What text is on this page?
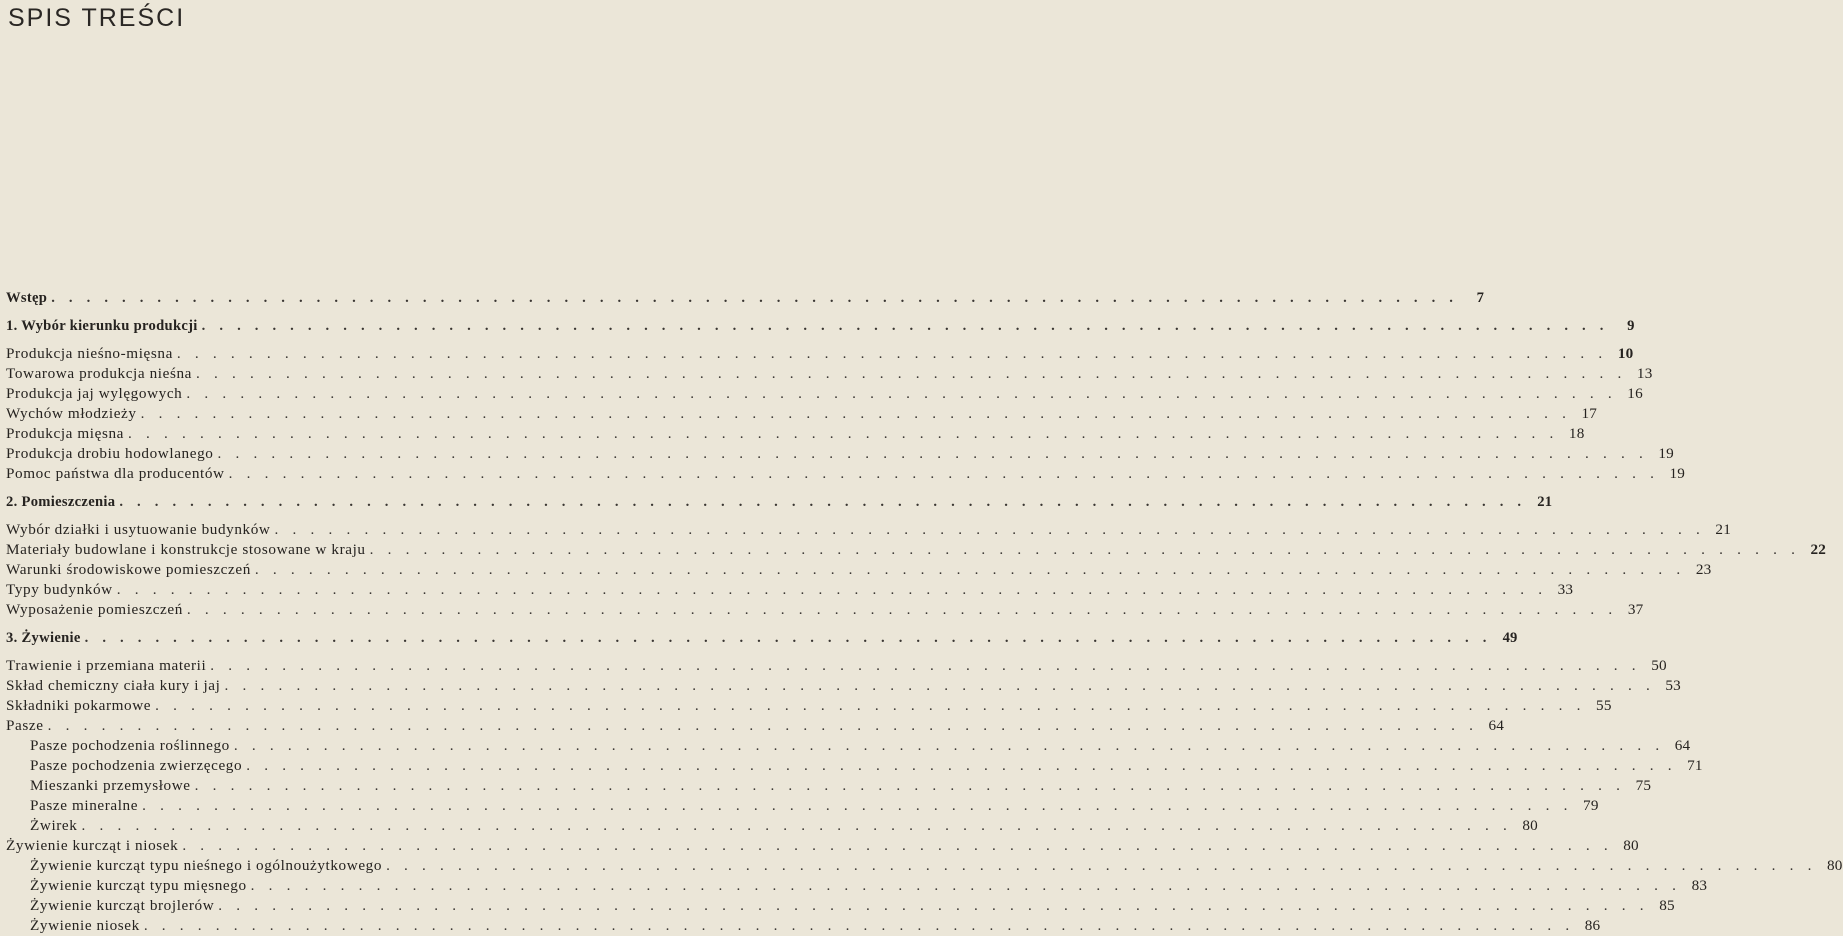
SPIS TREŚCI
Wstęp . . . . . . . . . . . . . . . . . . . . . . . . . . . . . . . . . . . . . . . . . . . . . . . . . . . . . . . . . . . . . . . . . . . . . . . . . . . . . . . .	7
1. Wybór kierunku produkcji . . . . . . . . . . . . . . . . . . . . . . . . . . . . . . . . . . . . . . . . . . . . . . . . . . . . . . . . . . . . . . . . . . . . . . . . . . . . . . . .	9
Produkcja nieśno-mięsna . . . . . . . . . . . . . . . . . . . . . . . . . . . . . . . . . . . . . . . . . . . . . . . . . . . . . . . . . . . . . . . . . . . . . . . . . . . . . . . . 10
Towarowa produkcja nieśna . . . . . . . . . . . . . . . . . . . . . . . . . . . . . . . . . . . . . . . . . . . . . . . . . . . . . . . . . . . . . . . . . . . . . . . . . . . . . . . . 13
Produkcja jaj wylęgowych . . . . . . . . . . . . . . . . . . . . . . . . . . . . . . . . . . . . . . . . . . . . . . . . . . . . . . . . . . . . . . . . . . . . . . . . . . . . . . . . 16
Wychów młodzieży . . . . . . . . . . . . . . . . . . . . . . . . . . . . . . . . . . . . . . . . . . . . . . . . . . . . . . . . . . . . . . . . . . . . . . . . . . . . . . . . 17
Produkcja mięsna . . . . . . . . . . . . . . . . . . . . . . . . . . . . . . . . . . . . . . . . . . . . . . . . . . . . . . . . . . . . . . . . . . . . . . . . . . . . . . . . 18
Produkcja drobiu hodowlanego . . . . . . . . . . . . . . . . . . . . . . . . . . . . . . . . . . . . . . . . . . . . . . . . . . . . . . . . . . . . . . . . . . . . . . . . . . . . . . . . 19
Pomoc państwa dla producentów . . . . . . . . . . . . . . . . . . . . . . . . . . . . . . . . . . . . . . . . . . . . . . . . . . . . . . . . . . . . . . . . . . . . . . . . . . . . . . . . 19
2. Pomieszczenia . . . . . . . . . . . . . . . . . . . . . . . . . . . . . . . . . . . . . . . . . . . . . . . . . . . . . . . . . . . . . . . . . . . . . . . . . . . . . . . . 21
Wybór działki i usytuowanie budynków . . . . . . . . . . . . . . . . . . . . . . . . . . . . . . . . . . . . . . . . . . . . . . . . . . . . . . . . . . . . . . . . . . . . . . . . . . . . . . . . 21
Materiały budowlane i konstrukcje stosowane w kraju . . . . . . . . . . . . . . . . . . . . . . . . . . . . . . . . . . . . . . . . . . . . . . . . . . . . . . . . . . . . . . . . . . . . . . . . . . . . . . . . 22
Warunki środowiskowe pomieszczeń . . . . . . . . . . . . . . . . . . . . . . . . . . . . . . . . . . . . . . . . . . . . . . . . . . . . . . . . . . . . . . . . . . . . . . . . . . . . . . . . 23
Typy budynków . . . . . . . . . . . . . . . . . . . . . . . . . . . . . . . . . . . . . . . . . . . . . . . . . . . . . . . . . . . . . . . . . . . . . . . . . . . . . . . . 33
Wyposażenie pomieszczeń . . . . . . . . . . . . . . . . . . . . . . . . . . . . . . . . . . . . . . . . . . . . . . . . . . . . . . . . . . . . . . . . . . . . . . . . . . . . . . . . 37
3. Żywienie . . . . . . . . . . . . . . . . . . . . . . . . . . . . . . . . . . . . . . . . . . . . . . . . . . . . . . . . . . . . . . . . . . . . . . . . . . . . . . . . 49
Trawienie i przemiana materii . . . . . . . . . . . . . . . . . . . . . . . . . . . . . . . . . . . . . . . . . . . . . . . . . . . . . . . . . . . . . . . . . . . . . . . . . . . . . . . . 50
Skład chemiczny ciała kury i jaj . . . . . . . . . . . . . . . . . . . . . . . . . . . . . . . . . . . . . . . . . . . . . . . . . . . . . . . . . . . . . . . . . . . . . . . . . . . . . . . . 53
Składniki pokarmowe . . . . . . . . . . . . . . . . . . . . . . . . . . . . . . . . . . . . . . . . . . . . . . . . . . . . . . . . . . . . . . . . . . . . . . . . . . . . . . . . 55
Pasze . . . . . . . . . . . . . . . . . . . . . . . . . . . . . . . . . . . . . . . . . . . . . . . . . . . . . . . . . . . . . . . . . . . . . . . . . . . . . . . . 64
Pasze pochodzenia roślinnego . . . . . . . . . . . . . . . . . . . . . . . . . . . . . . . . . . . . . . . . . . . . . . . . . . . . . . . . . . . . . . . . . . . . . . . . . . . . . . . . 64
Pasze pochodzenia zwierzęcego . . . . . . . . . . . . . . . . . . . . . . . . . . . . . . . . . . . . . . . . . . . . . . . . . . . . . . . . . . . . . . . . . . . . . . . . . . . . . . . . 71
Mieszanki przemysłowe . . . . . . . . . . . . . . . . . . . . . . . . . . . . . . . . . . . . . . . . . . . . . . . . . . . . . . . . . . . . . . . . . . . . . . . . . . . . . . . . 75
Pasze mineralne . . . . . . . . . . . . . . . . . . . . . . . . . . . . . . . . . . . . . . . . . . . . . . . . . . . . . . . . . . . . . . . . . . . . . . . . . . . . . . . . 79
Żwirek . . . . . . . . . . . . . . . . . . . . . . . . . . . . . . . . . . . . . . . . . . . . . . . . . . . . . . . . . . . . . . . . . . . . . . . . . . . . . . . . 80
Żywienie kurcząt i niosek . . . . . . . . . . . . . . . . . . . . . . . . . . . . . . . . . . . . . . . . . . . . . . . . . . . . . . . . . . . . . . . . . . . . . . . . . . . . . . . . 80
Żywienie kurcząt typu nieśnego i ogólnoużytkowego . . . . . . . . . . . . . . . . . . . . . . . . . . . . . . . . . . . . . . . . . . . . . . . . . . . . . . . . . . . . . . . . . . . . . . . . . . . . . . . . 80
Żywienie kurcząt typu mięsnego . . . . . . . . . . . . . . . . . . . . . . . . . . . . . . . . . . . . . . . . . . . . . . . . . . . . . . . . . . . . . . . . . . . . . . . . . . . . . . . . 83
Żywienie kurcząt brojlerów . . . . . . . . . . . . . . . . . . . . . . . . . . . . . . . . . . . . . . . . . . . . . . . . . . . . . . . . . . . . . . . . . . . . . . . . . . . . . . . . 85
Żywienie niosek . . . . . . . . . . . . . . . . . . . . . . . . . . . . . . . . . . . . . . . . . . . . . . . . . . . . . . . . . . . . . . . . . . . . . . . . . . . . . . . . 86
